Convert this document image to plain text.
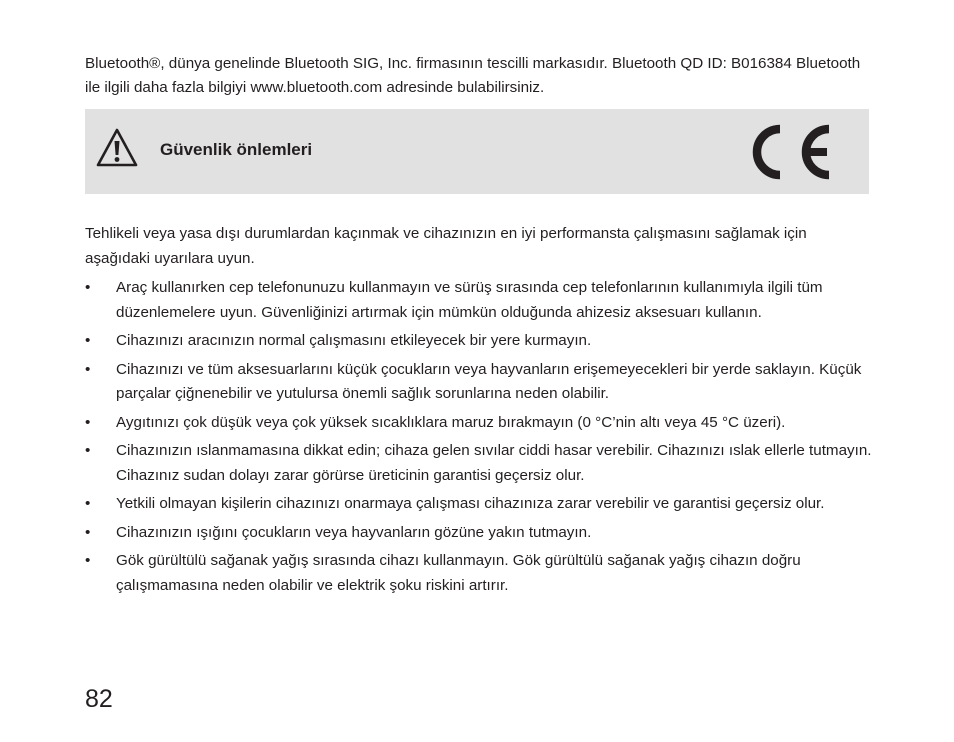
Bluetooth®, dünya genelinde Bluetooth SIG, Inc. firmasının tescilli markasıdır. Bluetooth QD ID: B016384 Bluetooth ile ilgili daha fazla bilgiyi www.bluetooth.com adresinde bulabilirsiniz.

Güvenlik önlemleri

Tehlikeli veya yasa dışı durumlardan kaçınmak ve cihazınızın en iyi performansta çalışmasını sağlamak için aşağıdaki uyarılara uyun.

• Araç kullanırken cep telefonunuzu kullanmayın ve sürüş sırasında cep telefonlarının kullanımıyla ilgili tüm düzenlemelere uyun. Güvenliğinizi artırmak için mümkün olduğunda ahizesiz aksesuarı kullanın.
• Cihazınızı aracınızın normal çalışmasını etkileyecek bir yere kurmayın.
• Cihazınızı ve tüm aksesuarlarını küçük çocukların veya hayvanların erişemeyecekleri bir yerde saklayın. Küçük parçalar çiğnenebilir ve yutulursa önemli sağlık sorunlarına neden olabilir.
• Aygıtınızı çok düşük veya çok yüksek sıcaklıklara maruz bırakmayın (0 °C’nin altı veya 45 °C üzeri).
• Cihazınızın ıslanmamasına dikkat edin; cihaza gelen sıvılar ciddi hasar verebilir. Cihazınızı ıslak ellerle tutmayın. Cihazınız sudan dolayı zarar görürse üreticinin garantisi geçersiz olur.
• Yetkili olmayan kişilerin cihazınızı onarmaya çalışması cihazınıza zarar verebilir ve garantisi geçersiz olur.
• Cihazınızın ışığını çocukların veya hayvanların gözüne yakın tutmayın.
• Gök gürültülü sağanak yağış sırasında cihazı kullanmayın. Gök gürültülü sağanak yağış cihazın doğru çalışmamasına neden olabilir ve elektrik şoku riskini artırır.
82
